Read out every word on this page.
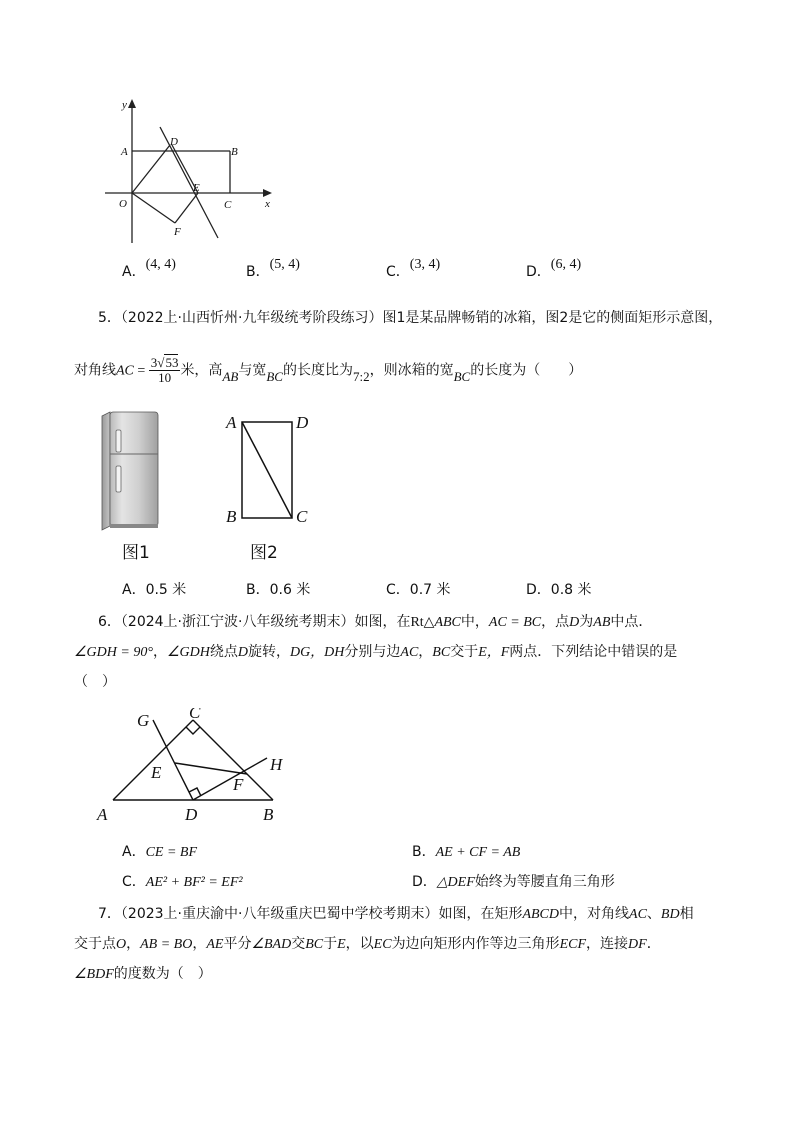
y
A
D
B
O
E
C	x
F
A．(4, 4)	B．(5, 4)	C．(3, 4)	D．(6, 4)
5．（2022上·山西忻州·九年级统考阶段练习）图1是某品牌畅销的冰箱，图2是它的侧面矩形示意图，
对角线AC = $\frac{3√53}{10}$ 米，高AB与宽BC的长度比为7:2，则冰箱的宽BC的长度为（　　）
图1
A	D
B	C
图2
A．0.5 米	B．0.6 米	C．0.7 米	D．0.8 米
6．（2024上·浙江宁波·八年级统考期末）如图，在Rt△ABC中，AC = BC，点D为AB中点．
∠GDH = 90°，∠GDH绕点D旋转，DG，DH分别与边AC，BC交于E，F两点．下列结论中错误的是
（　）
G C
H
E
F
A	D	B
A．CE = BF	B．AE + CF = AB
C．AE² + BF² = EF²	D．△DEF始终为等腰直角三角形
7．（2023上·重庆渝中·八年级重庆巴蜀中学校考期末）如图，在矩形ABCD中，对角线AC、BD相
交于点O，AB = BO，AE平分∠BAD交BC于E，以EC为边向矩形内作等边三角形ECF，连接DF．
∠BDF的度数为（　）
